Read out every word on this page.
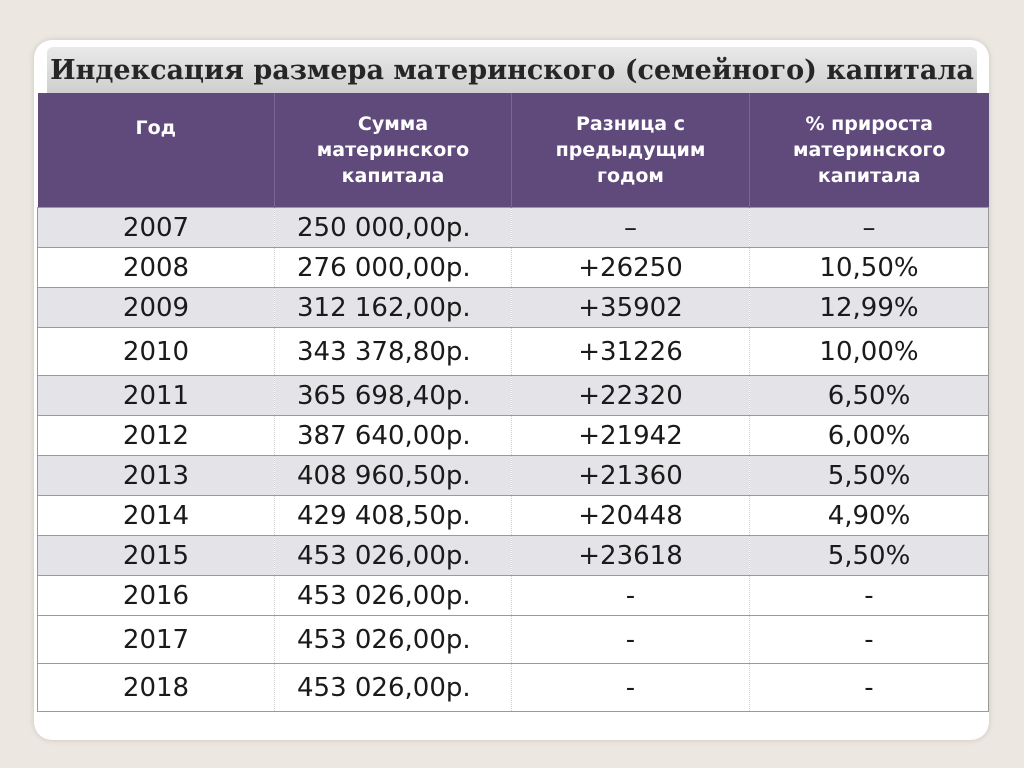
Индексация размера материнского (семейного) капитала
Год	Сумма материнского капитала	Разница с предыдущим годом	% прироста материнского капитала

2007	250 000,00р.	–	–
2008	276 000,00р.	+26250	10,50%
2009	312 162,00р.	+35902	12,99%
2010	343 378,80р.	+31226	10,00%
2011	365 698,40р.	+22320	6,50%
2012	387 640,00р.	+21942	6,00%
2013	408 960,50р.	+21360	5,50%
2014	429 408,50р.	+20448	4,90%
2015	453 026,00р.	+23618	5,50%
2016	453 026,00р.	-	-
2017	453 026,00р.	-	-
2018	453 026,00р.	-	-
